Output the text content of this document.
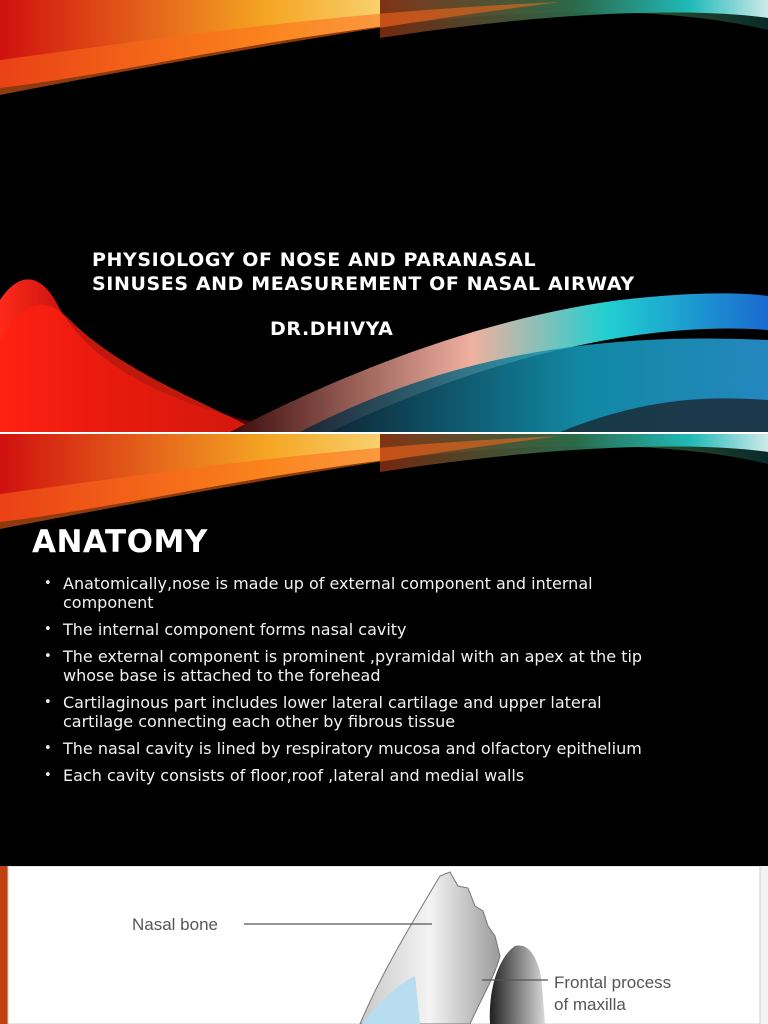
PHYSIOLOGY OF NOSE AND PARANASAL
SINUSES AND MEASUREMENT OF NASAL AIRWAY

DR.DHIVYA

ANATOMY
• Anatomically,nose is made up of external component and internal
component
• The internal component forms nasal cavity
• The external component is prominent ,pyramidal with an apex at the tip
whose base is attached to the forehead
• Cartilaginous part includes lower lateral cartilage and upper lateral
cartilage connecting each other by fibrous tissue
• The nasal cavity is lined by respiratory mucosa and olfactory epithelium
• Each cavity consists of floor,roof ,lateral and medial walls

Nasal bone

Frontal process

of maxilla
